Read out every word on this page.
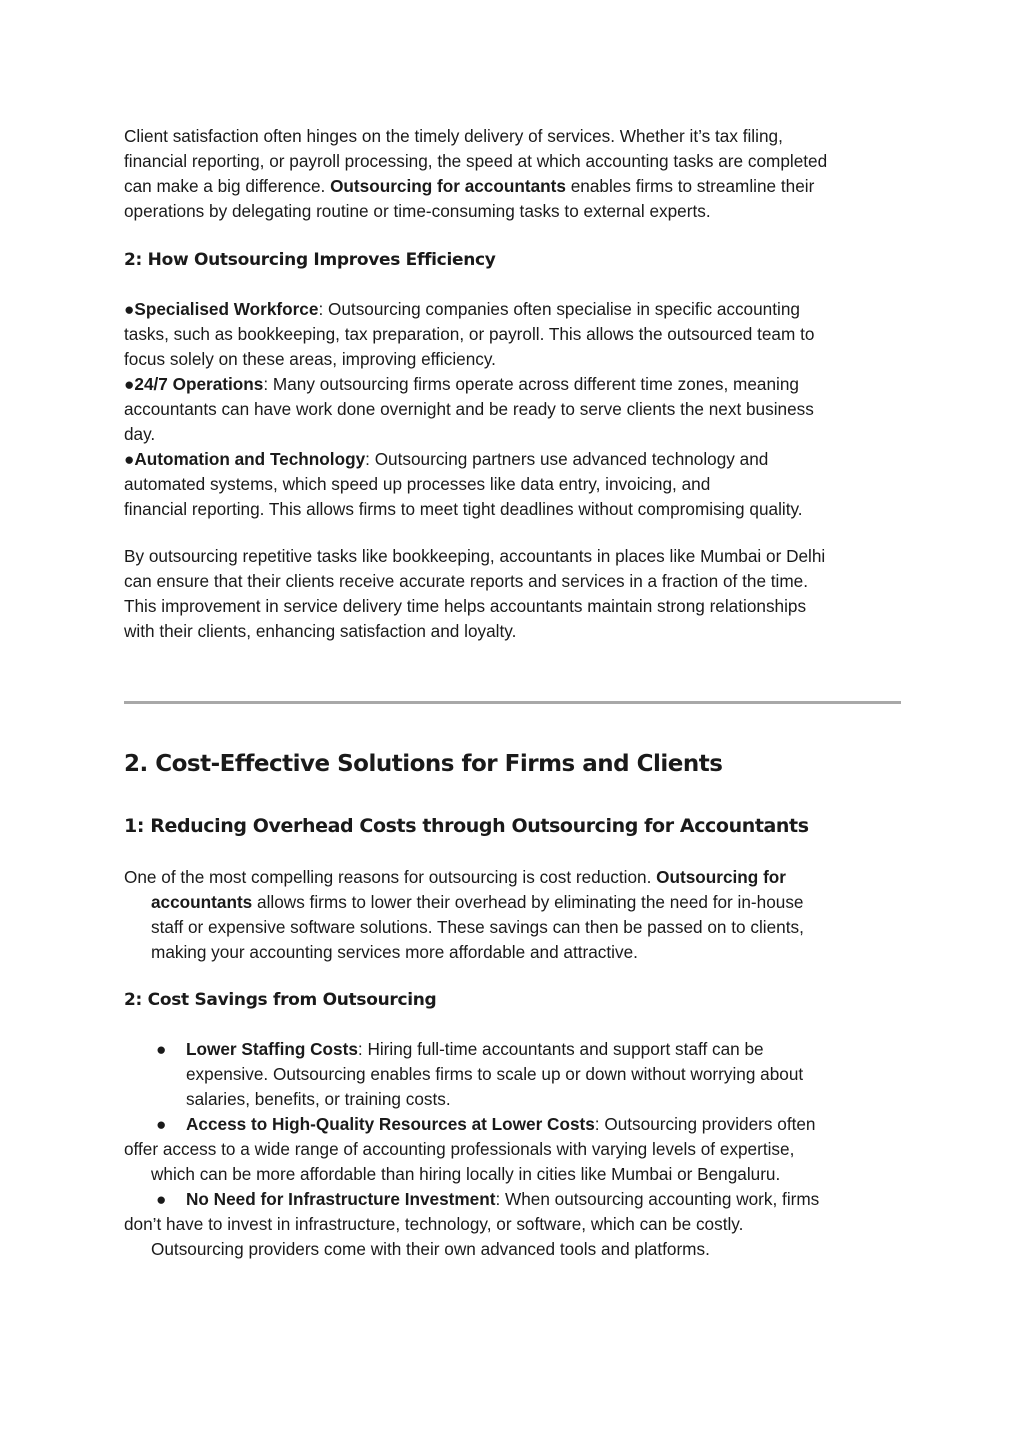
Client satisfaction often hinges on the timely delivery of services. Whether it’s tax filing,
financial reporting, or payroll processing, the speed at which accounting tasks are completed
can make a big difference. Outsourcing for accountants enables firms to streamline their
operations by delegating routine or time-consuming tasks to external experts.
2: How Outsourcing Improves Efficiency
●Specialised Workforce: Outsourcing companies often specialise in specific accounting
tasks, such as bookkeeping, tax preparation, or payroll. This allows the outsourced team to
focus solely on these areas, improving efficiency.
●24/7 Operations: Many outsourcing firms operate across different time zones, meaning
accountants can have work done overnight and be ready to serve clients the next business
day.
●Automation and Technology: Outsourcing partners use advanced technology and
automated systems, which speed up processes like data entry, invoicing, and
financial reporting. This allows firms to meet tight deadlines without compromising quality.
By outsourcing repetitive tasks like bookkeeping, accountants in places like Mumbai or Delhi
can ensure that their clients receive accurate reports and services in a fraction of the time.
This improvement in service delivery time helps accountants maintain strong relationships
with their clients, enhancing satisfaction and loyalty.
2. Cost-Effective Solutions for Firms and Clients
1: Reducing Overhead Costs through Outsourcing for Accountants
One of the most compelling reasons for outsourcing is cost reduction. Outsourcing for
accountants allows firms to lower their overhead by eliminating the need for in-house
staff or expensive software solutions. These savings can then be passed on to clients,
making your accounting services more affordable and attractive.
2: Cost Savings from Outsourcing
● Lower Staffing Costs: Hiring full-time accountants and support staff can be
expensive. Outsourcing enables firms to scale up or down without worrying about
salaries, benefits, or training costs.
● Access to High-Quality Resources at Lower Costs: Outsourcing providers often
offer access to a wide range of accounting professionals with varying levels of expertise,
which can be more affordable than hiring locally in cities like Mumbai or Bengaluru.
● No Need for Infrastructure Investment: When outsourcing accounting work, firms
don’t have to invest in infrastructure, technology, or software, which can be costly.
Outsourcing providers come with their own advanced tools and platforms.
